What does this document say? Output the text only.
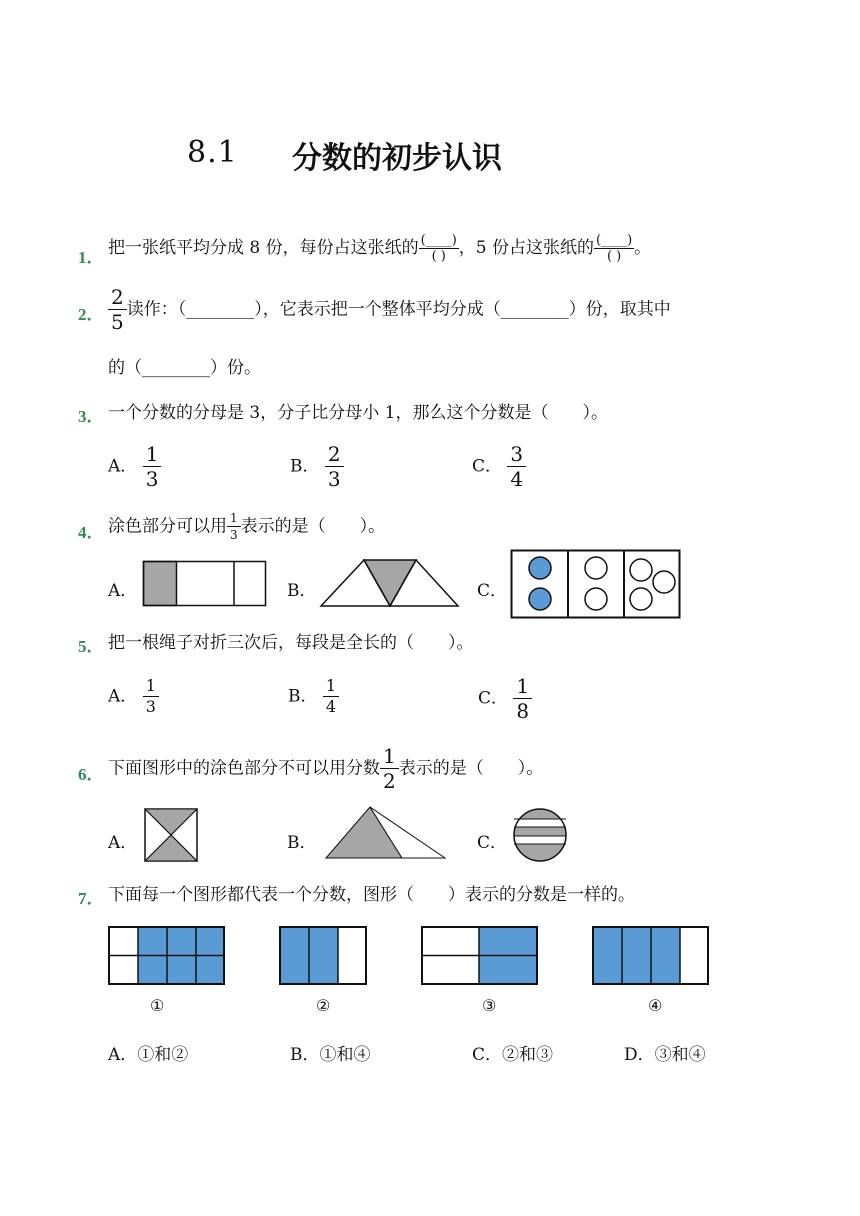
8.1 分数的初步认识
1． 把一张纸平均分成 8 份，每份占这张纸的 $\frac{(\_\_\_\_)}{( )}$ ，5 份占这张纸的 $\frac{(\_\_\_\_)}{( )}$ 。
2． $\frac{2}{5}$ 读作：（________），它表示把一个整体平均分成（________）份，取其中
的（________）份。
3． 一个分数的分母是 3，分子比分母小 1，那么这个分数是（　　）。
A． $\frac{1}{3}$	B． $\frac{2}{3}$	C． $\frac{3}{4}$
4． 涂色部分可以用 $\frac{1}{3}$ 表示的是（　　）。
A．	B．	C．
5． 把一根绳子对折三次后，每段是全长的（　　）。
A． $\frac{1}{3}$	B． $\frac{1}{4}$	C． $\frac{1}{8}$
6． 下面图形中的涂色部分不可以用分数 $\frac{1}{2}$ 表示的是（　　）。
A．	B．	C．
7． 下面每一个图形都代表一个分数，图形（　　）表示的分数是一样的。
①	②	③	④
A．①和②	B．①和④	C．②和③	D．③和④
